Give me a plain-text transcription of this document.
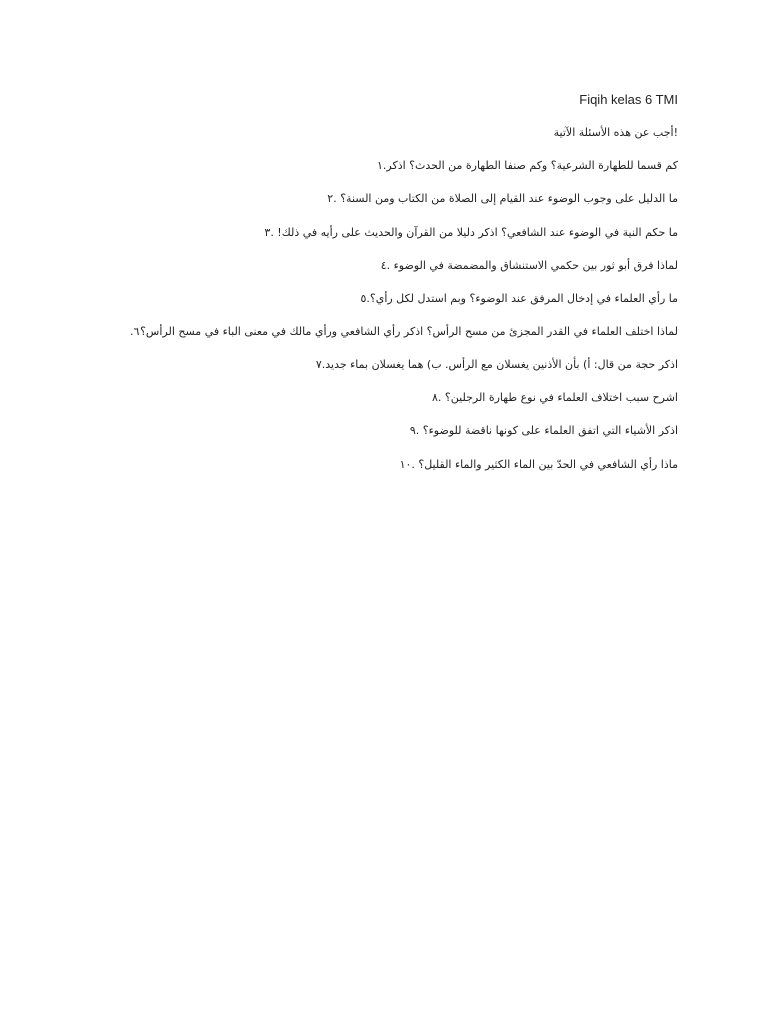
Fiqih kelas 6 TMI
!أجب عن هذه الأسئلة الآتية
كم قسما للطهارة الشرعية؟ وكم صنفا الطهارة من الحدث؟ اذكر.١
ما الدليل على وجوب الوضوء عند القيام إلى الصلاة من الكتاب ومن السنة؟ .٢
ما حكم النية في الوضوء عند الشافعي؟ اذكر دليلا من القرآن والحديث على رأيه في ذلك! .٣
لماذا فرق أبو ثور بين حكمي الاستنشاق والمضمضة في الوضوء .٤
ما رأي العلماء في إدخال المرفق عند الوضوء؟ وبم استدل لكل رأي؟.٥
لماذا اختلف العلماء في القدر المجزئ من مسح الرأس؟ اذكر رأي الشافعي ورأي مالك في معنى الباء في مسح الرأس؟
.٦
اذكر حجة من قال: أ) بأن الأذنين يغسلان مع الرأس. ب) هما يغسلان بماء جديد.٧
اشرح سبب اختلاف العلماء في نوع طهارة الرجلين؟ .٨
اذكر الأشياء التي اتفق العلماء على كونها ناقضة للوضوء؟ .٩
ماذا رأي الشافعي في الحدّ بين الماء الكثير والماء القليل؟ .١٠
